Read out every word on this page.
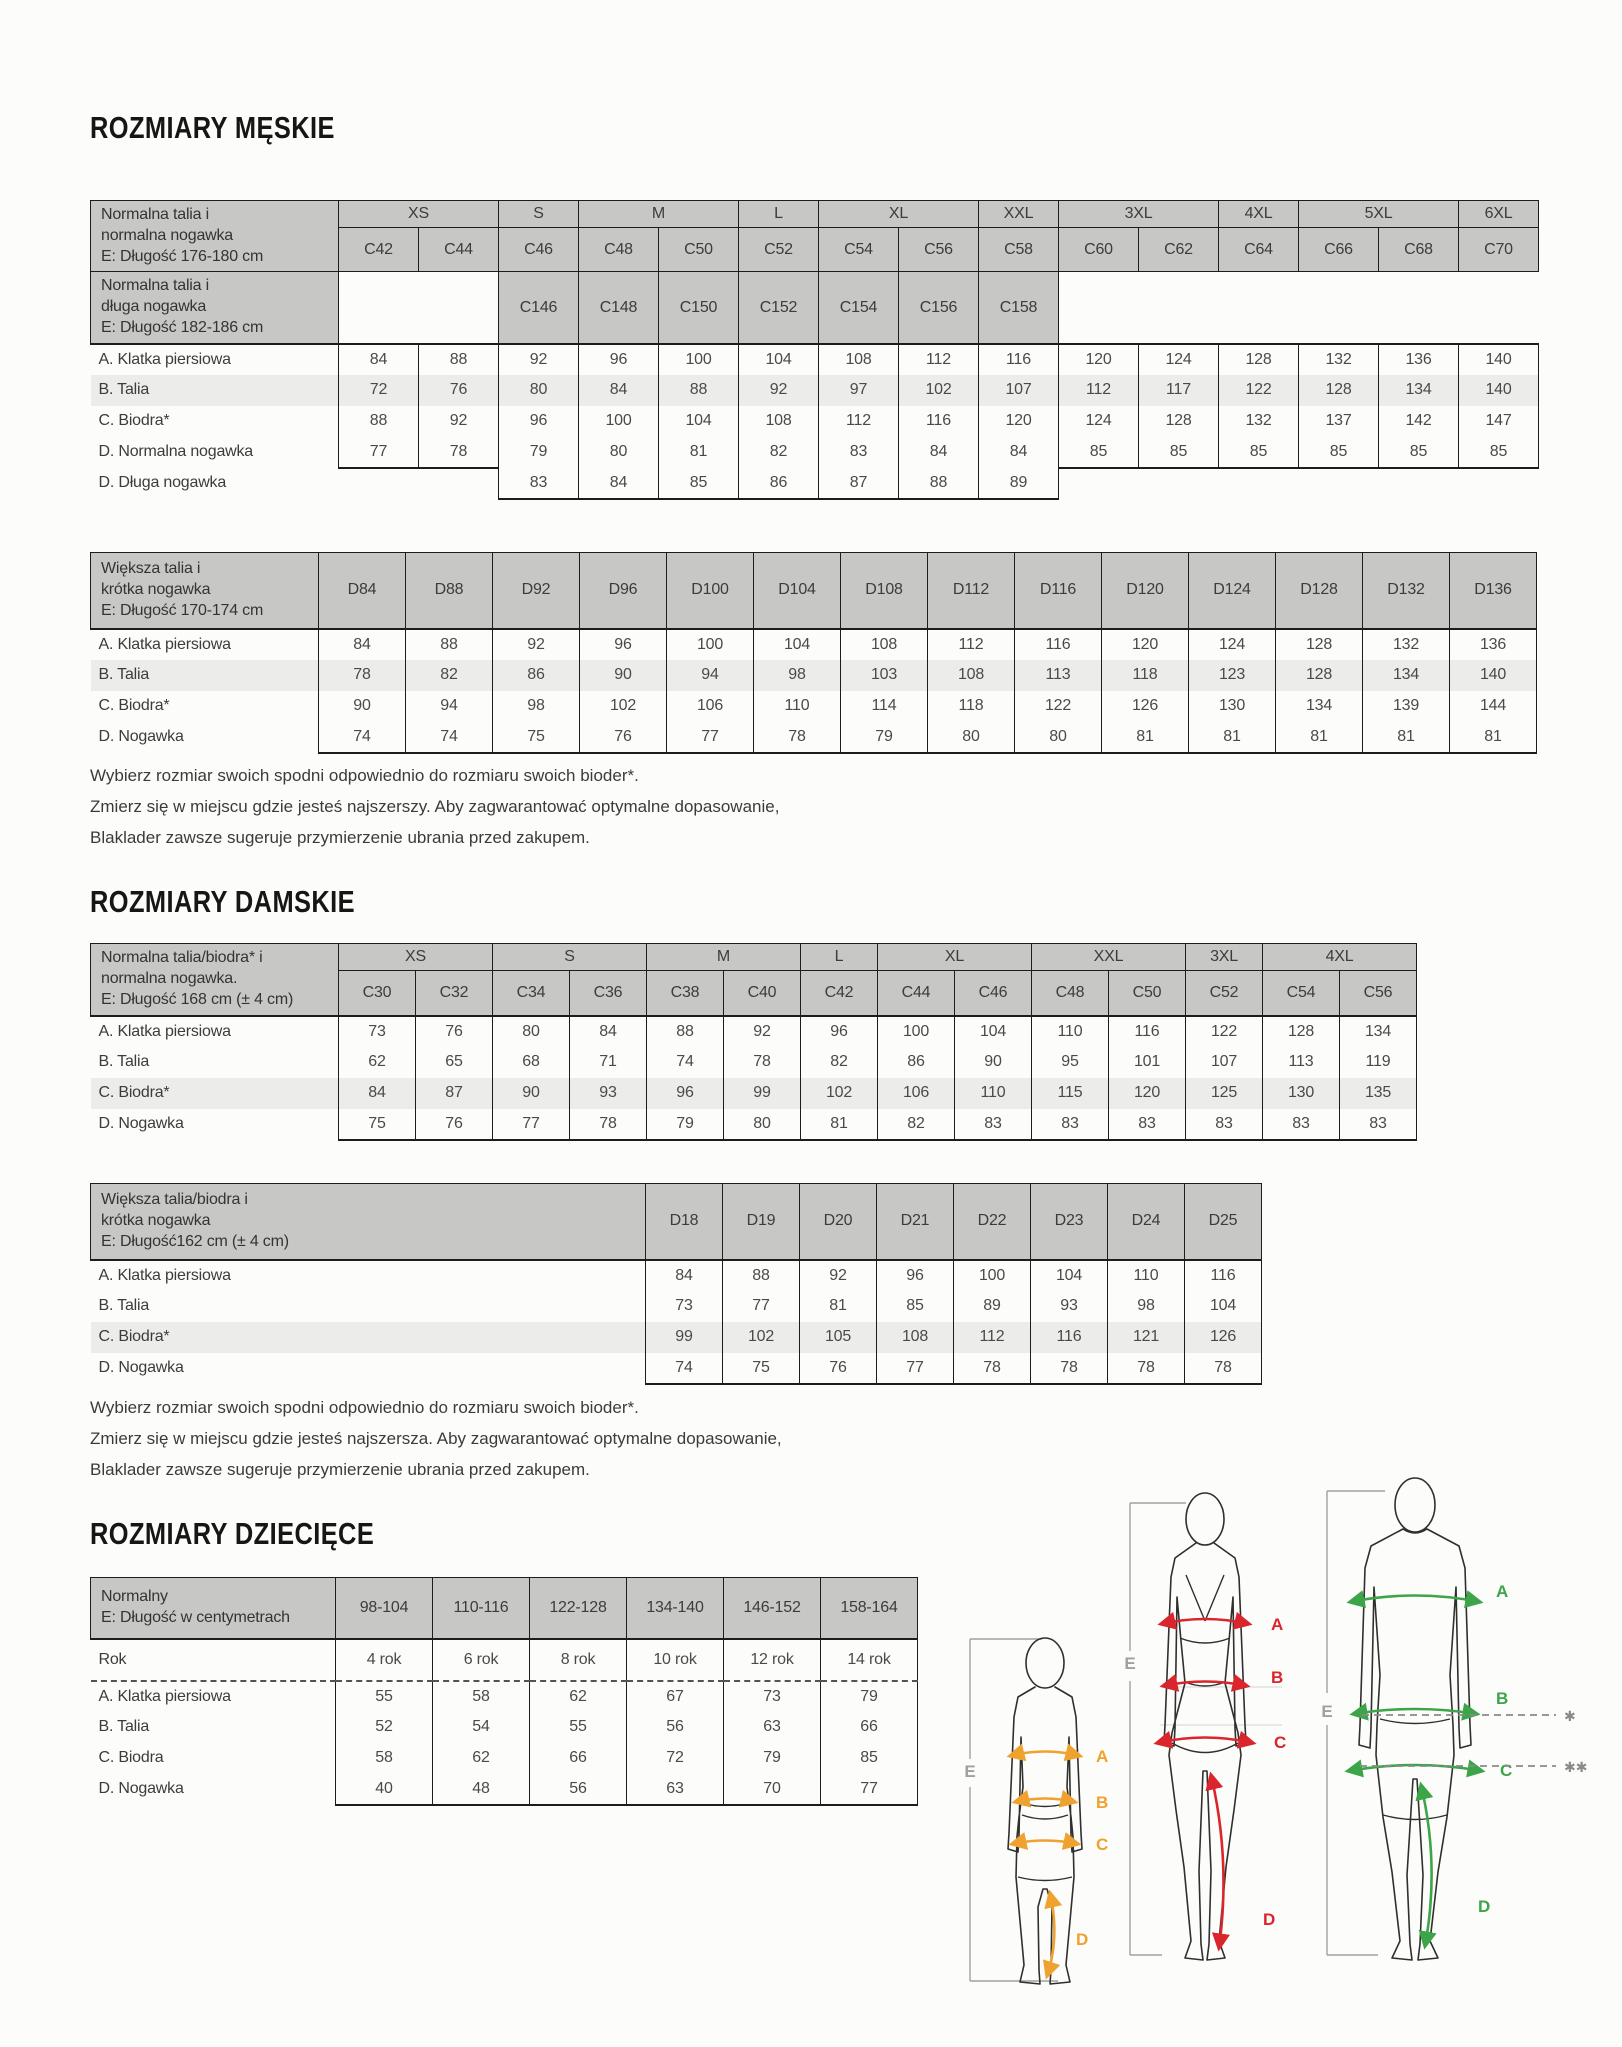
ROZMIARY MĘSKIE
Normalna talia i
normalna nogawka
E: Długość 176-180 cm	XS		S	M		L	XL		XXL	3XL		4XL	5XL		6XL
	C42	C44	C46	C48	C50	C52	C54	C56	C58	C60	C62	C64	C66	C68	C70

Normalna talia i
długa nogawka
E: Długość 182-186 cm			C146	C148	C150	C152	C154	C156	C158						
A. Klatka piersiowa	84	88	92	96	100	104	108	112	116	120	124	128	132	136	140
B. Talia	72	76	80	84	88	92	97	102	107	112	117	122	128	134	140
C. Biodra*	88	92	96	100	104	108	112	116	120	124	128	132	137	142	147
D. Normalna nogawka	77	78	79	80	81	82	83	84	84	85	85	85	85	85	85
D. Długa nogawka			83	84	85	86	87	88	89						
Większa talia i
krótka nogawka
E: Długość 170-174 cm	D84	D88	D92	D96	D100	D104	D108	D112	D116	D120	D124	D128	D132	D136
A. Klatka piersiowa	84	88	92	96	100	104	108	112	116	120	124	128	132	136
B. Talia	78	82	86	90	94	98	103	108	113	118	123	128	134	140
C. Biodra*	90	94	98	102	106	110	114	118	122	126	130	134	139	144
D. Nogawka	74	74	75	76	77	78	79	80	80	81	81	81	81	81
Wybierz rozmiar swoich spodni odpowiednio do rozmiaru swoich bioder*.
Zmierz się w miejscu gdzie jesteś najszerszy. Aby zagwarantować optymalne dopasowanie,
Blaklader zawsze sugeruje przymierzenie ubrania przed zakupem.
ROZMIARY DAMSKIE
Normalna talia/biodra* i
normalna nogawka.
E: Długość 168 cm (± 4 cm)	XS		S		M		L	XL		XXL		3XL	4XL	
	C30	C32	C34	C36	C38	C40	C42	C44	C46	C48	C50	C52	C54	C56
A. Klatka piersiowa	73	76	80	84	88	92	96	100	104	110	116	122	128	134
B. Talia	62	65	68	71	74	78	82	86	90	95	101	107	113	119
C. Biodra*	84	87	90	93	96	99	102	106	110	115	120	125	130	135
D. Nogawka	75	76	77	78	79	80	81	82	83	83	83	83	83	83
Większa talia/biodra i
krótka nogawka
E: Długość162 cm (± 4 cm)	D18	D19	D20	D21	D22	D23	D24	D25
A. Klatka piersiowa	84	88	92	96	100	104	110	116
B. Talia	73	77	81	85	89	93	98	104
C. Biodra*	99	102	105	108	112	116	121	126
D. Nogawka	74	75	76	77	78	78	78	78
Wybierz rozmiar swoich spodni odpowiednio do rozmiaru swoich bioder*.
Zmierz się w miejscu gdzie jesteś najszersza. Aby zagwarantować optymalne dopasowanie,
Blaklader zawsze sugeruje przymierzenie ubrania przed zakupem.
ROZMIARY DZIECIĘCE
Normalny
E: Długość w centymetrach	98-104	110-116	122-128	134-140	146-152	158-164
Rok	4 rok	6 rok	8 rok	10 rok	12 rok	14 rok
A. Klatka piersiowa	55	58	62	67	73	79
B. Talia	52	54	55	56	63	66
C. Biodra	58	62	66	72	79	85
D. Nogawka	40	48	56	63	70	77
E
A
B
C
D
E
A
B
C
D
E
A
B
C
D
✱
✱✱
